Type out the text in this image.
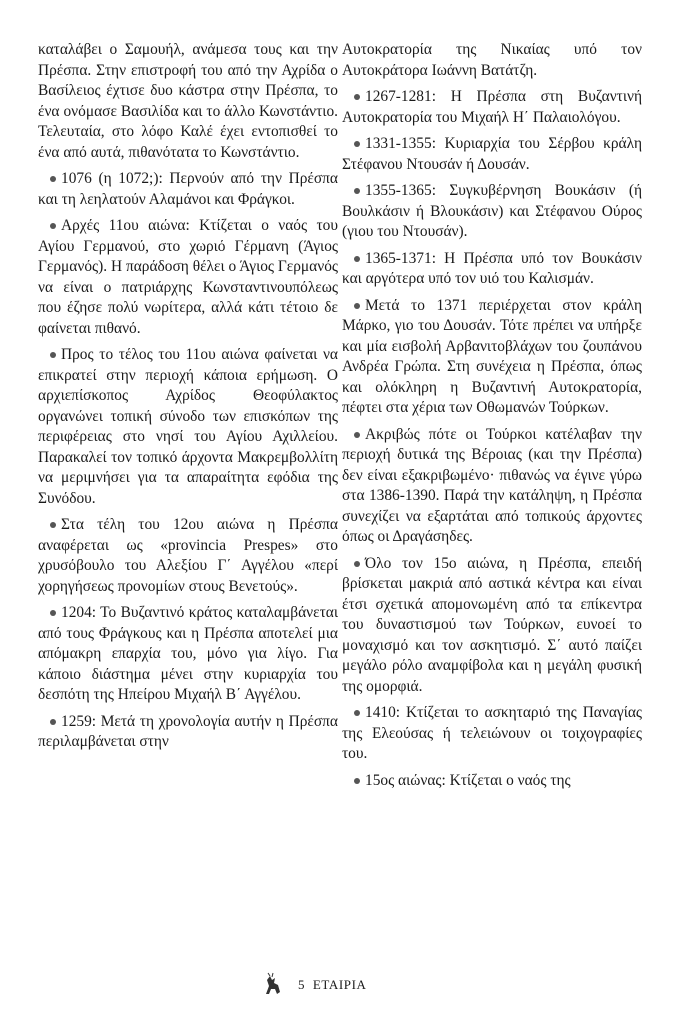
καταλάβει ο Σαμουήλ, ανάμεσα τους και την Πρέσπα. Στην επιστροφή του από την Αχρίδα ο Βασίλειος έχτισε δυο κάστρα στην Πρέσπα, το ένα ονόμασε Βασιλίδα και το άλλο Κωνστάντιο. Τελευταία, στο λόφο Καλέ έχει εντοπισθεί το ένα από αυτά, πιθανότατα το Κωνστάντιο.

1076 (η 1072;): Περνούν από την Πρέσπα και τη λεηλατούν Αλαμάνοι και Φράγκοι.

Αρχές 11ου αιώνα: Κτίζεται ο ναός του Αγίου Γερμανού, στο χωριό Γέρμανη (Άγιος Γερμανός). Η παράδοση θέλει ο Άγιος Γερμανός να είναι ο πατριάρχης Κωνσταντινουπόλεως που έζησε πολύ νωρίτερα, αλλά κάτι τέτοιο δε φαίνεται πιθανό.

Προς το τέλος του 11ου αιώνα φαίνεται να επικρατεί στην περιοχή κάποια ερήμωση. Ο αρχιεπίσκοπος Αχρίδος Θεοφύλακτος οργανώνει τοπική σύνοδο των επισκόπων της περιφέρειας στο νησί του Αγίου Αχιλλείου. Παρακαλεί τον τοπικό άρχοντα Μακρεμβολλίτη να μεριμνήσει για τα απαραίτητα εφόδια της Συνόδου.

Στα τέλη του 12ου αιώνα η Πρέσπα αναφέρεται ως «provincia Prespes» στο χρυσόβουλο του Αλεξίου Γ΄ Αγγέλου «περί χορηγήσεως προνομίων στους Βενετούς».

1204: Το Βυζαντινό κράτος καταλαμβάνεται από τους Φράγκους και η Πρέσπα αποτελεί μια απόμακρη επαρχία του, μόνο για λίγο. Για κάποιο διάστημα μένει στην κυριαρχία του δεσπότη της Ηπείρου Μιχαήλ Β΄ Αγγέλου.

1259: Μετά τη χρονολογία αυτήν η Πρέσπα περιλαμβάνεται στην

Αυτοκρατορία της Νικαίας υπό τον Αυτοκράτορα Ιωάννη Βατάτζη.

1267-1281: Η Πρέσπα στη Βυζαντινή Αυτοκρατορία του Μιχαήλ Η΄ Παλαιολόγου.

1331-1355: Κυριαρχία του Σέρβου κράλη Στέφανου Ντουσάν ή Δουσάν.

1355-1365: Συγκυβέρνηση Βουκάσιν (ή Βουλκάσιν ή Βλουκάσιν) και Στέφανου Ούρος (γιου του Ντουσάν).

1365-1371: Η Πρέσπα υπό τον Βουκάσιν και αργότερα υπό τον υιό του Καλισμάν.

Μετά το 1371 περιέρχεται στον κράλη Μάρκο, γιο του Δουσάν. Τότε πρέπει να υπήρξε και μία εισβολή Αρβανιτοβλάχων του ζουπάνου Ανδρέα Γρώπα. Στη συνέχεια η Πρέσπα, όπως και ολόκληρη η Βυζαντινή Αυτοκρατορία, πέφτει στα χέρια των Οθωμανών Τούρκων.

Ακριβώς πότε οι Τούρκοι κατέλαβαν την περιοχή δυτικά της Βέροιας (και την Πρέσπα) δεν είναι εξακριβωμένο· πιθανώς να έγινε γύρω στα 1386-1390. Παρά την κατάληψη, η Πρέσπα συνεχίζει να εξαρτάται από τοπικούς άρχοντες όπως οι Δραγάσηδες.

Όλο τον 15ο αιώνα, η Πρέσπα, επειδή βρίσκεται μακριά από αστικά κέντρα και είναι έτσι σχετικά απομονωμένη από τα επίκεντρα του δυναστισμού των Τούρκων, ευνοεί το μοναχισμό και τον ασκητισμό. Σ΄ αυτό παίζει μεγάλο ρόλο αναμφίβολα και η μεγάλη φυσική της ομορφιά.

1410: Κτίζεται το ασκηταριό της Παναγίας της Ελεούσας ή τελειώνουν οι τοιχογραφίες του.

15ος αιώνας: Κτίζεται ο ναός της

5 ΕΤΑΙΡΙΑ
